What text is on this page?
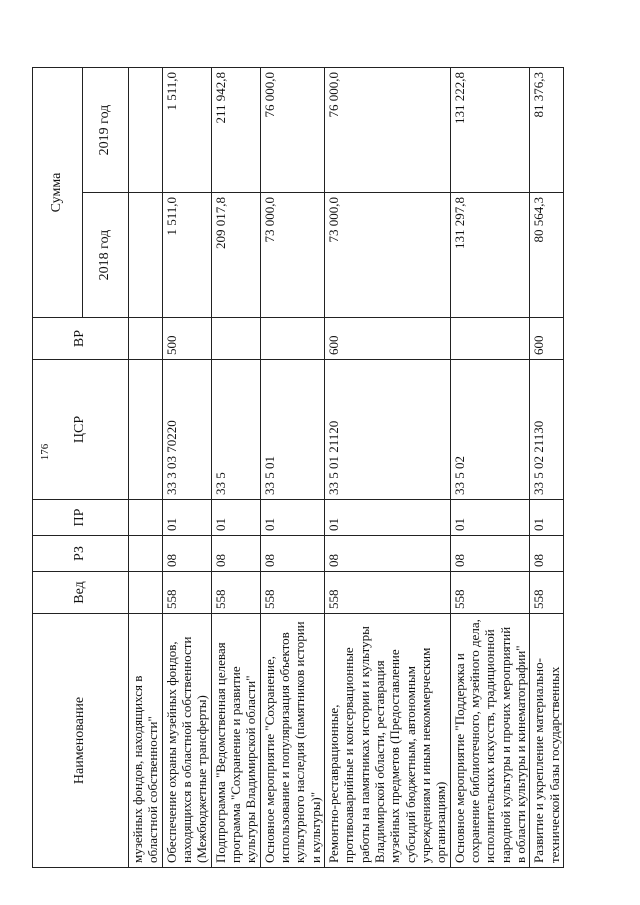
176
Наименование	Вед	РЗ	ПР	ЦСР	ВР	Сумма	
						2018 год	2019 год
музейных фондов, находящихся в областной собственности"							
Обеспечение охраны музейных фондов, находящихся в областной собственности (Межбюджетные трансферты)	558	08	01	33 3 03 70220	500	1 511,0	1 511,0
Подпрограмма "Ведомственная целевая программа "Сохранение и развитие культуры Владимирской области"	558	08	01	33 5		209 017,8	211 942,8
Основное мероприятие "Сохранение, использование и популяризация объектов культурного наследия (памятников истории и культуры)"	558	08	01	33 5 01		73 000,0	76 000,0
Ремонтно-реставрационные, противоаварийные и консервационные работы на памятниках истории и культуры Владимирской области, реставрация музейных предметов (Предоставление субсидий бюджетным, автономным учреждениям и иным некоммерческим организациям)	558	08	01	33 5 01 21120	600	73 000,0	76 000,0
Основное мероприятие "Поддержка и сохранение библиотечного, музейного дела, исполнительских искусств, традиционной народной культуры и прочих мероприятий в области культуры и кинематографии"	558	08	01	33 5 02		131 297,8	131 222,8
Развитие и укрепление материально-технической базы государственных	558	08	01	33 5 02 21130	600	80 564,3	81 376,3
